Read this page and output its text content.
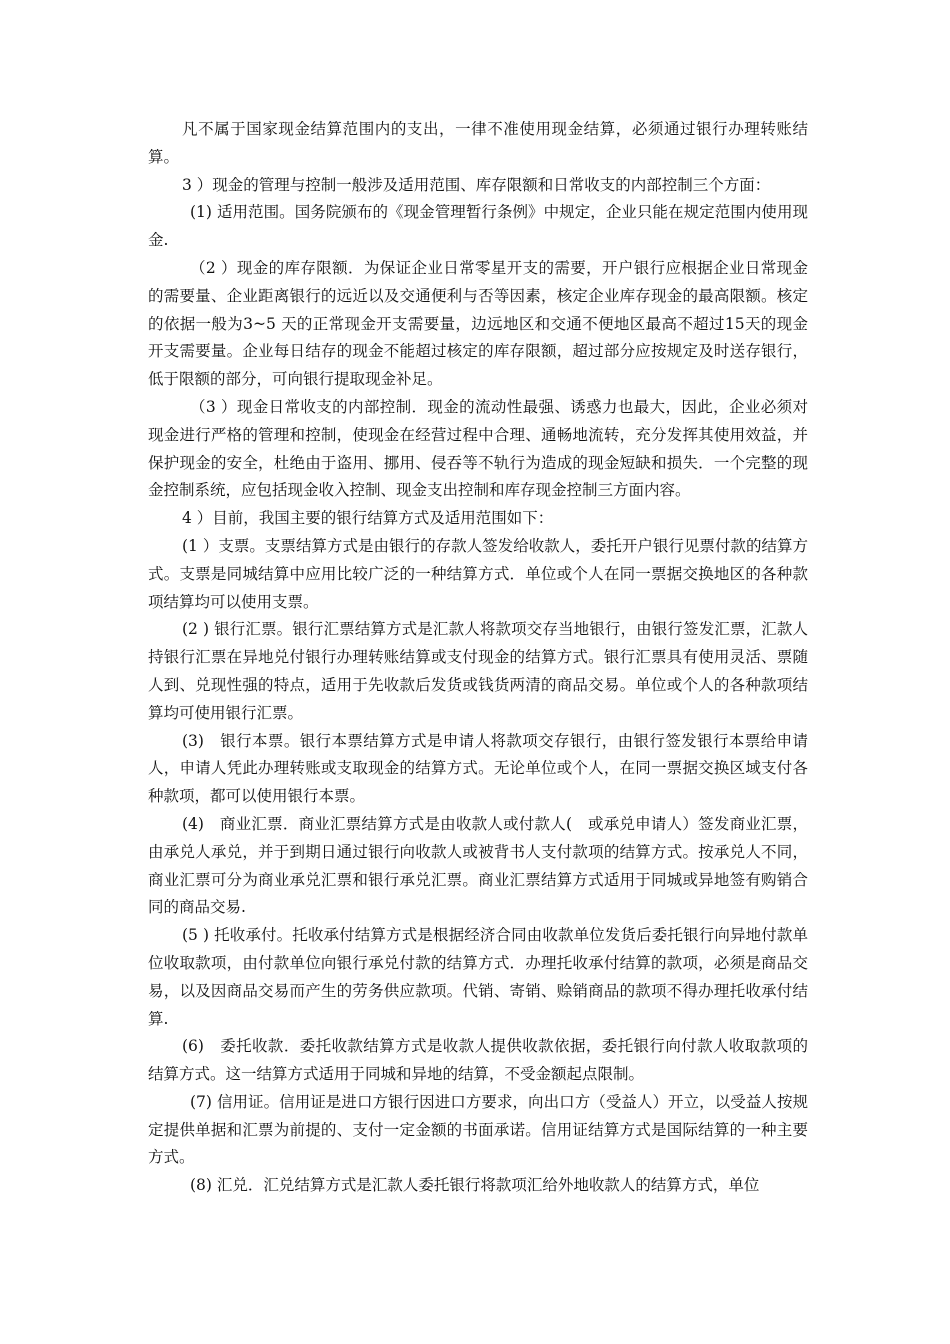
凡不属于国家现金结算范围内的支出，一律不准使用现金结算，必须通过银行办理转账结算。

3 ）现金的管理与控制一般涉及适用范围、库存限额和日常收支的内部控制三个方面：

(1) 适用范围。国务院颁布的《现金管理暂行条例》中规定，企业只能在规定范围内使用现金.

（2 ）现金的库存限额．为保证企业日常零星开支的需要，开户银行应根据企业日常现金的需要量、企业距离银行的远近以及交通便利与否等因素，核定企业库存现金的最高限额。核定的依据一般为3~5 天的正常现金开支需要量，边远地区和交通不便地区最高不超过15天的现金开支需要量。企业每日结存的现金不能超过核定的库存限额，超过部分应按规定及时送存银行，低于限额的部分，可向银行提取现金补足。

（3 ）现金日常收支的内部控制．现金的流动性最强、诱惑力也最大，因此，企业必须对现金进行严格的管理和控制，使现金在经营过程中合理、通畅地流转，充分发挥其使用效益，并保护现金的安全，杜绝由于盗用、挪用、侵吞等不轨行为造成的现金短缺和损失．一个完整的现金控制系统，应包括现金收入控制、现金支出控制和库存现金控制三方面内容。

4 ）目前，我国主要的银行结算方式及适用范围如下：

(1 ）支票。支票结算方式是由银行的存款人签发给收款人，委托开户银行见票付款的结算方式。支票是同城结算中应用比较广泛的一种结算方式．单位或个人在同一票据交换地区的各种款项结算均可以使用支票。

(2 ) 银行汇票。银行汇票结算方式是汇款人将款项交存当地银行，由银行签发汇票，汇款人持银行汇票在异地兑付银行办理转账结算或支付现金的结算方式。银行汇票具有使用灵活、票随人到、兑现性强的特点，适用于先收款后发货或钱货两清的商品交易。单位或个人的各种款项结算均可使用银行汇票。

(3)　银行本票。银行本票结算方式是申请人将款项交存银行，由银行签发银行本票给申请人，申请人凭此办理转账或支取现金的结算方式。无论单位或个人，在同一票据交换区域支付各种款项，都可以使用银行本票。

(4)　商业汇票．商业汇票结算方式是由收款人或付款人(　或承兑申请人）签发商业汇票，由承兑人承兑，并于到期日通过银行向收款人或被背书人支付款项的结算方式。按承兑人不同，商业汇票可分为商业承兑汇票和银行承兑汇票。商业汇票结算方式适用于同城或异地签有购销合同的商品交易.

(5 ) 托收承付。托收承付结算方式是根据经济合同由收款单位发货后委托银行向异地付款单位收取款项，由付款单位向银行承兑付款的结算方式．办理托收承付结算的款项，必须是商品交易，以及因商品交易而产生的劳务供应款项。代销、寄销、赊销商品的款项不得办理托收承付结算.

(6)　委托收款．委托收款结算方式是收款人提供收款依据，委托银行向付款人收取款项的结算方式。这一结算方式适用于同城和异地的结算，不受金额起点限制。

(7) 信用证。信用证是进口方银行因进口方要求，向出口方（受益人）开立，以受益人按规定提供单据和汇票为前提的、支付一定金额的书面承诺。信用证结算方式是国际结算的一种主要方式。

(8) 汇兑．汇兑结算方式是汇款人委托银行将款项汇给外地收款人的结算方式，单位
